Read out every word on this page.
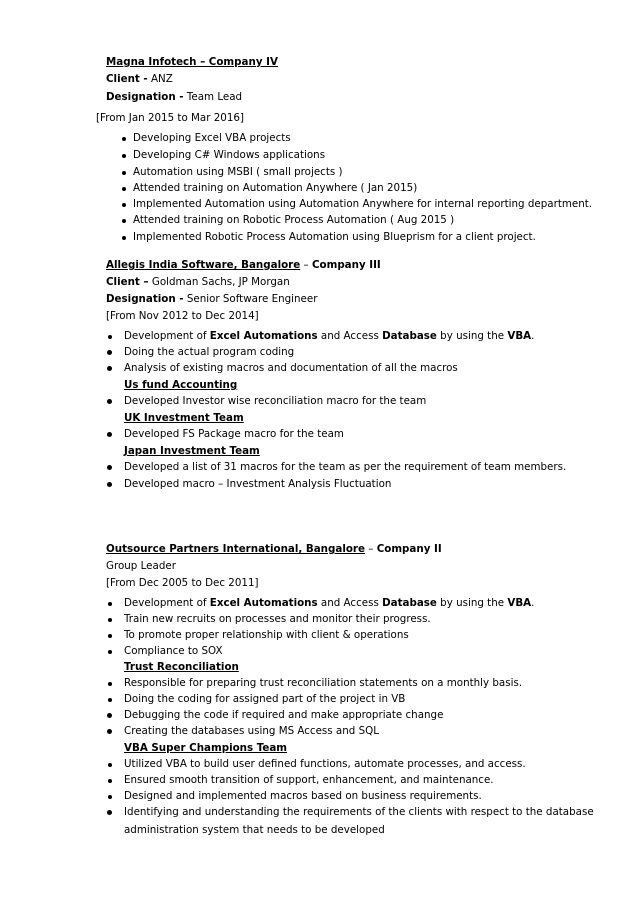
Magna Infotech – Company IV
Client - ANZ
Designation - Team Lead
[From Jan 2015 to Mar 2016]
Developing Excel VBA projects
Developing C# Windows applications
Automation using MSBI ( small projects )
Attended training on Automation Anywhere ( Jan 2015)
Implemented Automation using Automation Anywhere for internal reporting department.
Attended training on Robotic Process Automation ( Aug 2015 )
Implemented Robotic Process Automation using Blueprism for a client project.
Allegis India Software, Bangalore – Company III
Client – Goldman Sachs, JP Morgan
Designation - Senior Software Engineer
[From Nov 2012 to Dec 2014]
Development of Excel Automations and Access Database by using the VBA.
Doing the actual program coding
Analysis of existing macros and documentation of all the macros
Us fund Accounting
Developed Investor wise reconciliation macro for the team
UK Investment Team
Developed FS Package macro for the team
Japan Investment Team
Developed a list of 31 macros for the team as per the requirement of team members.
Developed macro – Investment Analysis Fluctuation
Outsource Partners International, Bangalore – Company II
Group Leader
[From Dec 2005 to Dec 2011]
Development of Excel Automations and Access Database by using the VBA.
Train new recruits on processes and monitor their progress.
To promote proper relationship with client & operations
Compliance to SOX
Trust Reconciliation
Responsible for preparing trust reconciliation statements on a monthly basis.
Doing the coding for assigned part of the project in VB
Debugging the code if required and make appropriate change
Creating the databases using MS Access and SQL
VBA Super Champions Team
Utilized VBA to build user defined functions, automate processes, and access.
Ensured smooth transition of support, enhancement, and maintenance.
Designed and implemented macros based on business requirements.
Identifying and understanding the requirements of the clients with respect to the database
administration system that needs to be developed
